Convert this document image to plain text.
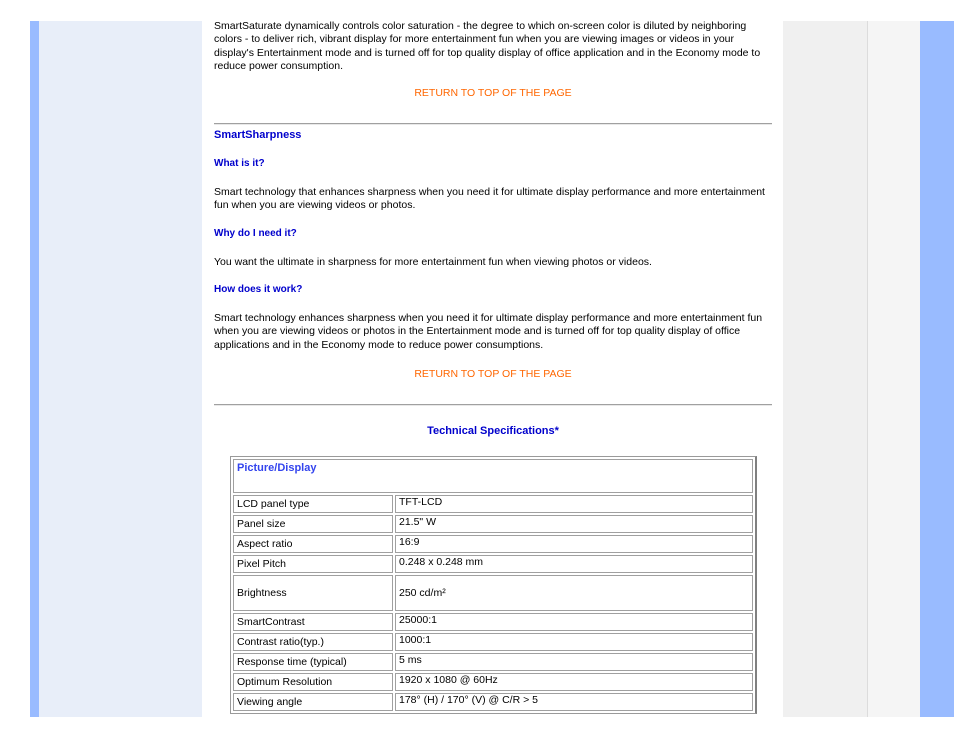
SmartSaturate dynamically controls color saturation - the degree to which on-screen color is diluted by neighboring colors - to deliver rich, vibrant display for more entertainment fun when you are viewing images or videos in your display's Entertainment mode and is turned off for top quality display of office application and in the Economy mode to reduce power consumption.
RETURN TO TOP OF THE PAGE
SmartSharpness
What is it?
Smart technology that enhances sharpness when you need it for ultimate display performance and more entertainment fun when you are viewing videos or photos.
Why do I need it?
You want the ultimate in sharpness for more entertainment fun when viewing photos or videos.
How does it work?
Smart technology enhances sharpness when you need it for ultimate display performance and more entertainment fun when you are viewing videos or photos in the Entertainment mode and is turned off for top quality display of office applications and in the Economy mode to reduce power consumptions.
RETURN TO TOP OF THE PAGE
Technical Specifications*
Picture/Display	
LCD panel type	TFT-LCD
Panel size	21.5" W
Aspect ratio	16:9
Pixel Pitch	0.248 x 0.248 mm
Brightness	250 cd/m²
SmartContrast	25000:1
Contrast ratio(typ.)	1000:1
Response time (typical)	5 ms
Optimum Resolution	1920 x 1080 @ 60Hz
Viewing angle	178° (H) / 170° (V) @ C/R > 5
